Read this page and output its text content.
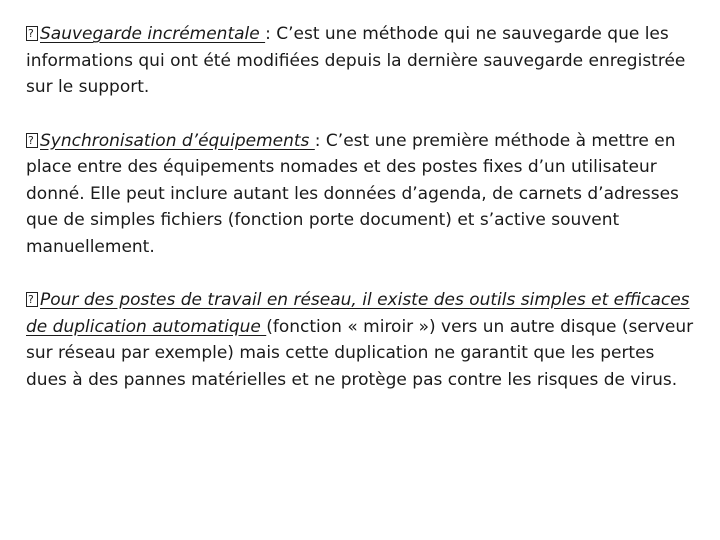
?Sauvegarde incrémentale : C’est une méthode qui ne sauvegarde que les informations qui ont été modifiées depuis la dernière sauvegarde enregistrée sur le support.

?Synchronisation d’équipements : C’est une première méthode à mettre en place entre des équipements nomades et des postes fixes d’un utilisateur donné. Elle peut inclure autant les données d’agenda, de carnets d’adresses que de simples fichiers (fonction porte document) et s’active souvent manuellement.

?Pour des postes de travail en réseau, il existe des outils simples et efficaces de duplication automatique (fonction « miroir ») vers un autre disque (serveur sur réseau par exemple) mais cette duplication ne garantit que les pertes dues à des pannes matérielles et ne protège pas contre les risques de virus.
